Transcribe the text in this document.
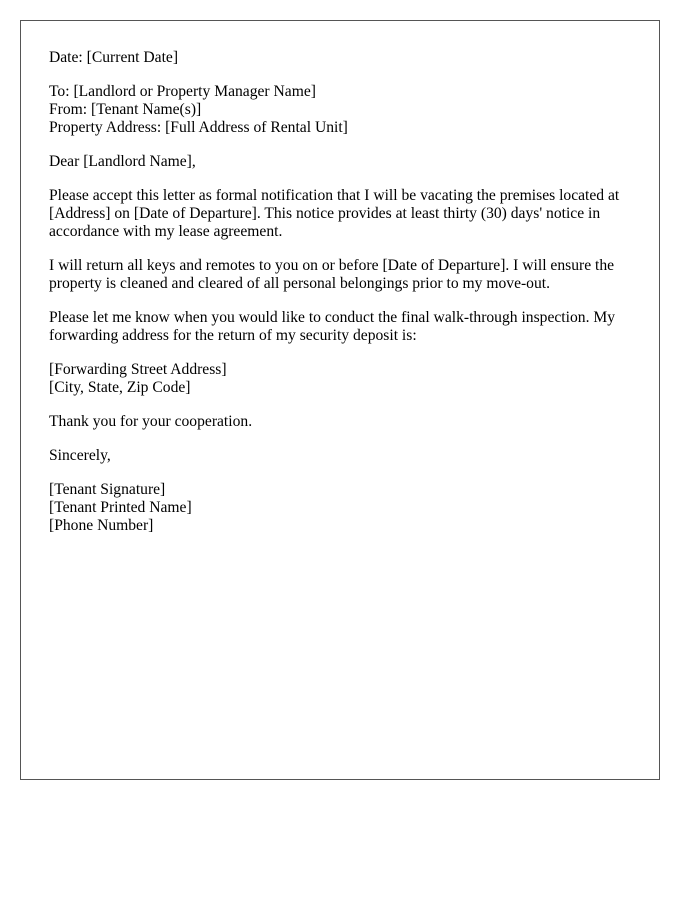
Date: [Current Date]
To: [Landlord or Property Manager Name]
From: [Tenant Name(s)]
Property Address: [Full Address of Rental Unit]
Dear [Landlord Name],

Please accept this letter as formal notification that I will be vacating the premises located at [Address] on [Date of Departure]. This notice provides at least thirty (30) days' notice in accordance with my lease agreement.

I will return all keys and remotes to you on or before [Date of Departure]. I will ensure the property is cleaned and cleared of all personal belongings prior to my move-out.

Please let me know when you would like to conduct the final walk-through inspection. My forwarding address for the return of my security deposit is:

[Forwarding Street Address]
[City, State, Zip Code]
Thank you for your cooperation.
Sincerely,
[Tenant Signature]
[Tenant Printed Name]
[Phone Number]
